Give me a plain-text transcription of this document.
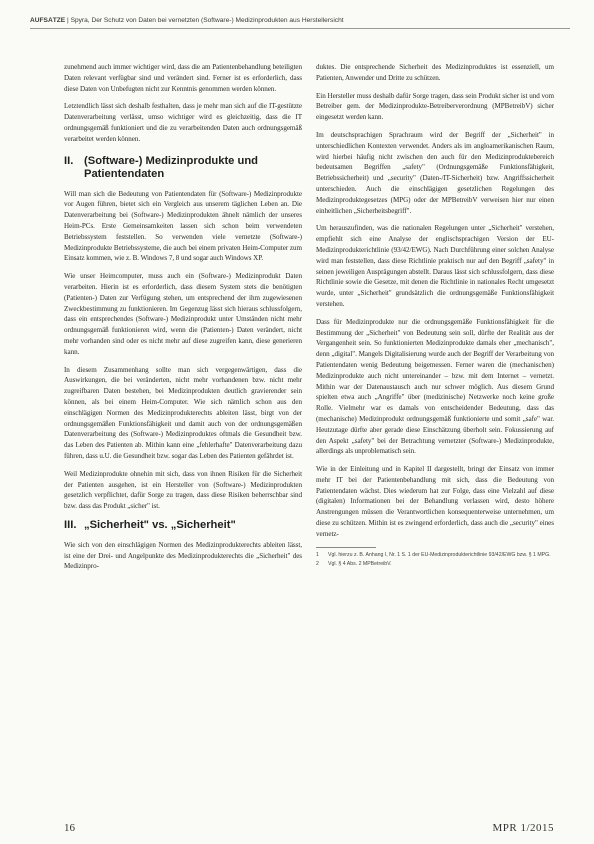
AUFSÄTZE | Spyra, Der Schutz von Daten bei vernetzten (Software-) Medizinprodukten aus Herstellersicht

zunehmend auch immer wichtiger wird, dass die am Patientenbehandlung beteiligten Daten relevant verfügbar sind und verändert sind. Ferner ist es erforderlich, dass diese Daten von Unbefugten nicht zur Kenntnis genommen werden können.

Letztendlich lässt sich deshalb festhalten, dass je mehr man sich auf die IT-gestützte Datenverarbeitung verlässt, umso wichtiger wird es gleichzeitig, dass die IT ordnungsgemäß funktioniert und die zu verarbeitenden Daten auch ordnungsgemäß verarbeitet werden können.

II. (Software-) Medizinprodukte und Patientendaten

Will man sich die Bedeutung von Patientendaten für (Software-) Medizinprodukte vor Augen führen, bietet sich ein Vergleich aus unserem täglichen Leben an. Die Datenverarbeitung bei (Software-) Medizinprodukten ähnelt nämlich der unseres Heim-PCs. Erste Gemeinsamkeiten lassen sich schon beim verwendeten Betriebssystem feststellen. So verwenden viele vernetzte (Software-) Medizinprodukte Betriebssysteme, die auch bei einem privaten Heim-Computer zum Einsatz kommen, wie z. B. Windows 7, 8 und sogar auch Windows XP.

Wie unser Heimcomputer, muss auch ein (Software-) Medizinprodukt Daten verarbeiten. Hierin ist es erforderlich, dass diesem System stets die benötigten (Patienten-) Daten zur Verfügung stehen, um entsprechend der ihm zugewiesenen Zweckbestimmung zu funktionieren. Im Gegenzug lässt sich hieraus schlussfolgern, dass ein entsprechendes (Software-) Medizinprodukt unter Umständen nicht mehr ordnungsgemäß funktionieren wird, wenn die (Patienten-) Daten verändert, nicht mehr vorhanden sind oder es nicht mehr auf diese zugreifen kann, diese generieren kann.

In diesem Zusammenhang sollte man sich vergegenwärtigen, dass die Auswirkungen, die bei veränderten, nicht mehr vorhandenen bzw. nicht mehr zugreifbaren Daten bestehen, bei Medizinprodukten deutlich gravierender sein können, als bei einem Heim-Computer. Wie sich nämlich schon aus den einschlägigen Normen des Medizinprodukterechts ableiten lässt, birgt von der ordnungsgemäßen Funktionsfähigkeit und damit auch von der ordnungsgemäßen Datenverarbeitung des (Software-) Medizinproduktes oftmals die Gesundheit bzw. das Leben des Patienten ab. Mithin kann eine „fehlerhafte" Datenverarbeitung dazu führen, dass u.U. die Gesundheit bzw. sogar das Leben des Patienten gefährdet ist.

Weil Medizinprodukte ohnehin mit sich, dass von ihnen Risiken für die Sicherheit der Patienten ausgehen, ist ein Hersteller von (Software-) Medizinprodukten gesetzlich verpflichtet, dafür Sorge zu tragen, dass diese Risiken beherrschbar sind bzw. dass das Produkt „sicher" ist.

III. „Sicherheit" vs. „Sicherheit"

Wie sich von den einschlägigen Normen des Medizinprodukterechts ableiten lässt, ist eine der Drei- und Angelpunkte des Medizinprodukterechts die „Sicherheit" des Medizinpro-

duktes. Die entsprechende Sicherheit des Medizinproduktes ist essenziell, um Patienten, Anwender und Dritte zu schützen.

Ein Hersteller muss deshalb dafür Sorge tragen, dass sein Produkt sicher ist und vom Betreiber gem. der Medizinprodukte-Betreiberverordnung (MPBetreibV) sicher eingesetzt werden kann.

Im deutschsprachigen Sprachraum wird der Begriff der „Sicherheit" in unterschiedlichen Kontexten verwendet. Anders als im angloamerikanischen Raum, wird hierbei häufig nicht zwischen den auch für den Medizinproduktebereich bedeutsamen Begriffen „safety" (Ordnungsgemäße Funktionsfähigkeit, Betriebssicherheit) und „security" (Daten-/IT-Sicherheit) bzw. Angriffssicherheit unterschieden. Auch die einschlägigen gesetzlichen Regelungen des Medizinproduktegesetzes (MPG) oder der MPBetreibV verweisen hier nur einen einheitlichen „Sicherheitsbegriff".

Um herauszufinden, was die nationalen Regelungen unter „Sicherheit" verstehen, empfiehlt sich eine Analyse der englischsprachigen Version der EU-Medizinprodukterichtlinie (93/42/EWG). Nach Durchführung einer solchen Analyse wird man feststellen, dass diese Richtlinie praktisch nur auf den Begriff „safety" in seinen jeweiligen Ausprägungen abstellt. Daraus lässt sich schlussfolgern, dass diese Richtlinie sowie die Gesetze, mit denen die Richtlinie in nationales Recht umgesetzt wurde, unter „Sicherheit" grundsätzlich die ordnungsgemäße Funktionsfähigkeit verstehen.

Dass für Medizinprodukte nur die ordnungsgemäße Funktionsfähigkeit für die Bestimmung der „Sicherheit" von Bedeutung sein soll, dürfte der Realität aus der Vergangenheit sein. So funktionierten Medizinprodukte damals eher „mechanisch", denn „digital". Mangels Digitalisierung wurde auch der Begriff der Verarbeitung von Patientendaten wenig Bedeutung beigemessen. Ferner waren die (mechanischen) Medizinprodukte auch nicht untereinander – bzw. mit dem Internet – vernetzt. Mithin war der Datenaustausch auch nur schwer möglich. Aus diesem Grund spielten etwa auch „Angriffe" über (medizinische) Netzwerke noch keine große Rolle. Vielmehr war es damals von entscheidender Bedeutung, dass das (mechanische) Medizinprodukt ordnungsgemäß funktionierte und somit „safe" war. Heutzutage dürfte aber gerade diese Einschätzung überholt sein. Fokussierung auf den Aspekt „safety" bei der Betrachtung vernetzter (Software-) Medizinprodukte, allerdings als unproblematisch sein.

Wie in der Einleitung und in Kapitel II dargestellt, bringt der Einsatz von immer mehr IT bei der Patientenbehandlung mit sich, dass die Bedeutung von Patientendaten wächst. Dies wiederum hat zur Folge, dass eine Vielzahl auf diese (digitalen) Informationen bei der Behandlung verlassen wird, desto höhere Anstrengungen müssen die Verantwortlichen konsequenterweise unternehmen, um diese zu schützen. Mithin ist es zwingend erforderlich, dass auch die „security" eines vernetz-

1 Vgl. hierzu z. B. Anhang I, Nr. 1 S. 1 der EU-Medizinprodukterichtlinie 93/42/EWG bzw. § 1 MPG.
2 Vgl. § 4 Abs. 2 MPBetreibV.
16	MPR 1/2015
